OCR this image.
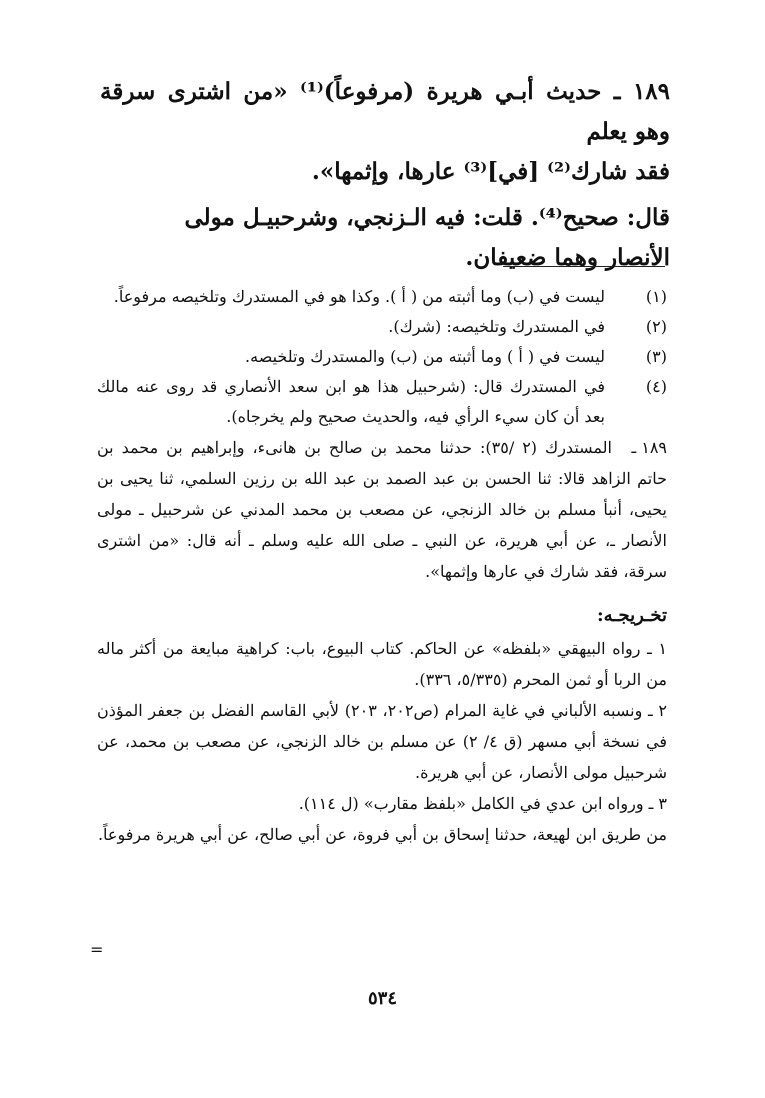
١٨٩ ـ حديث أبـي هريرة (مرفوعاً)⁽¹⁾ «من اشترى سرقة وهو يعلم
فقد شارك⁽²⁾ [في]⁽³⁾ عارها، وإثمها».

قال: صحيح⁽⁴⁾. قلت: فيه الـزنجي، وشرحبيـل مولى
الأنصار وهما ضعيفان.

(١)
ليست في (ب) وما أثبته من ( أ ). وكذا هو في المستدرك وتلخيصه مرفوعاً.
(٢)
في المستدرك وتلخيصه: (شرك).
(٣)
ليست في ( أ ) وما أثبته من (ب) والمستدرك وتلخيصه.
(٤)
في المستدرك قال: (شرحبيل هذا هو ابن سعد الأنصاري قد روى عنه مالك بعد أن كان سيء الرأي فيه، والحديث صحيح ولم يخرجاه).

١٨٩ ـالمستدرك (٢ /٣٥): حدثنا محمد بن صالح بن هانىء، وإبراهيم بن محمد بن حاتم الزاهد قالا: ثنا الحسن بن عبد الصمد بن عبد الله بن رزين السلمي، ثنا يحيى بن يحيى، أنبأ مسلم بن خالد الزنجي، عن مصعب بن محمد المدني عن شرحبيل ـ مولى الأنصار ـ، عن أبي هريرة، عن النبي ـ صلى الله عليه وسلم ـ أنه قال: «من اشترى سرقة، فقد شارك في عارها وإثمها».

تخـريجـه:

١ ـ رواه البيهقي «بلفظه» عن الحاكم. كتاب البيوع، باب: كراهية مبايعة من أكثر ماله من الربا أو ثمن المحرم (٥/٣٣٥، ٣٣٦).

٢ ـ ونسبه الألباني في غاية المرام (ص٢٠٢، ٢٠٣) لأبي القاسم الفضل بن جعفر المؤذن في نسخة أبي مسهر (ق ٤/ ٢) عن مسلم بن خالد الزنجي، عن مصعب بن محمد، عن شرحبيل مولى الأنصار، عن أبي هريرة.

٣ ـ ورواه ابن عدي في الكامل «بلفظ مقارب» (ل ١١٤).

من طريق ابن لهيعة، حدثنا إسحاق بن أبي فروة، عن أبي صالح، عن أبي هريرة مرفوعاً.

=
٥٣٤
